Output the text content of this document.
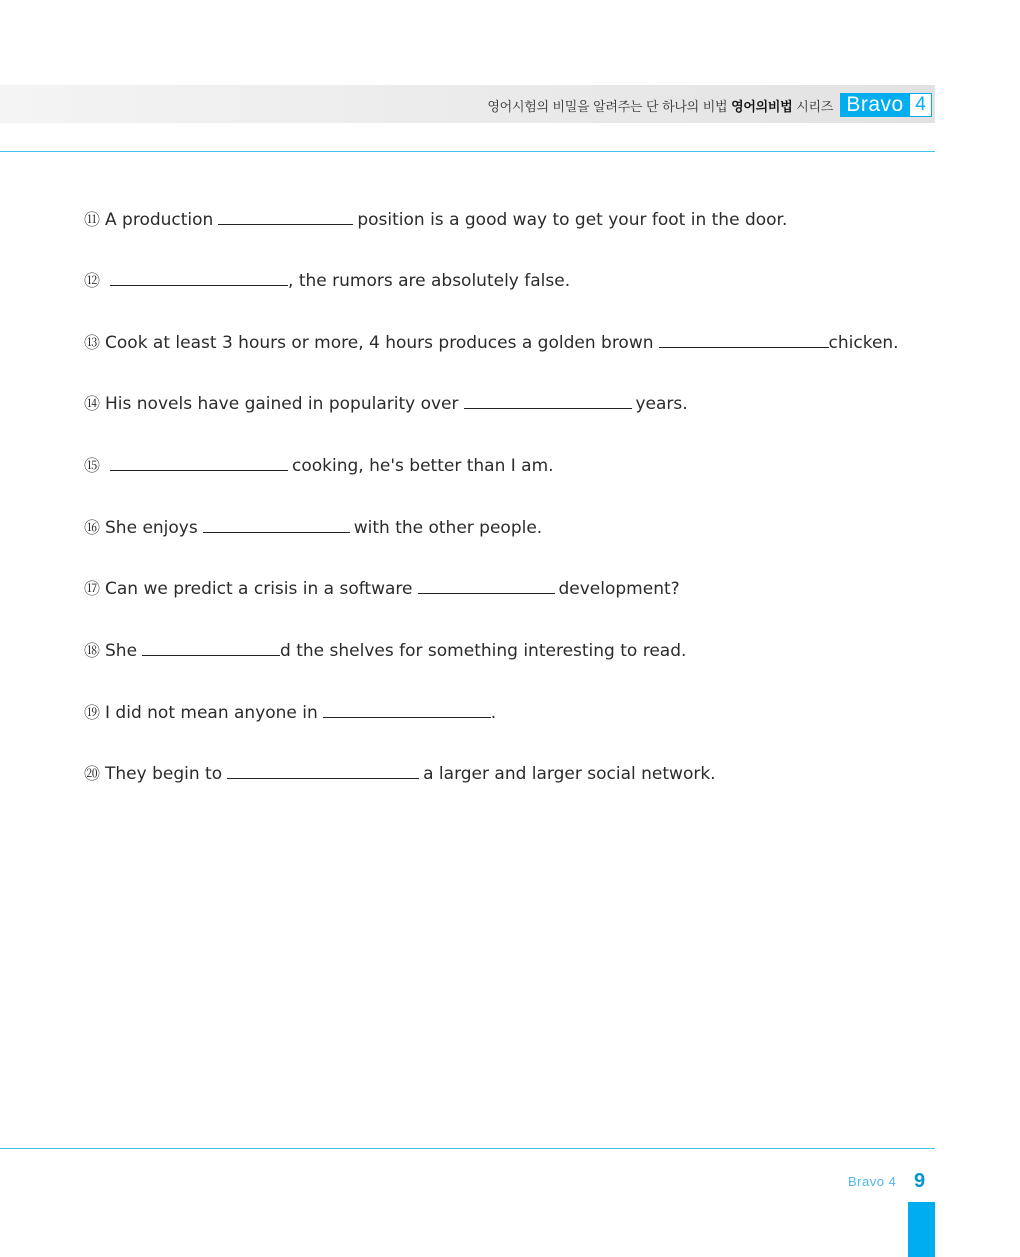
영어시험의 비밀을 알려주는 단 하나의 비법 영어의비법 시리즈 Bravo 4
⑪ A production	position is a good way to get your foot in the door.
⑫	, the rumors are absolutely false.
⑬ Cook at least 3 hours or more, 4 hours produces a golden brown	chicken.
⑭ His novels have gained in popularity over	years.
⑮	cooking, he's better than I am.
⑯ She enjoys	with the other people.
⑰ Can we predict a crisis in a software	development?
⑱ She	d the shelves for something interesting to read.
⑲ I did not mean anyone in	.
⑳ They begin to	a larger and larger social network.
Bravo 4 9
